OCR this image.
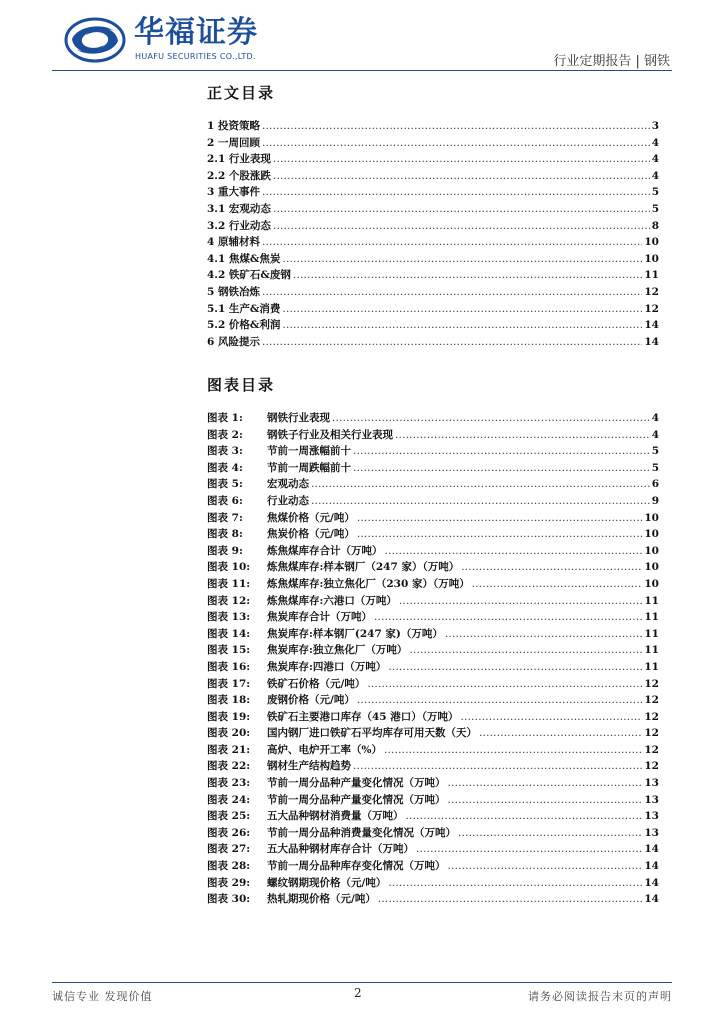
华福证券
HUAFU SECURITIES CO.,LTD.	行业定期报告 | 钢铁
正文目录
1 投资策略 .....	3
2 一周回顾 .....	4
2.1 行业表现 .....	4
2.2 个股涨跌 .....	4
3 重大事件 .....	5
3.1 宏观动态 .....	5
3.2 行业动态 .....	8
4 原辅材料 .....	10
4.1 焦煤&焦炭 .....	10
4.2 铁矿石&废钢 .....	11
5 钢铁冶炼 .....	12
5.1 生产&消费 .....	12
5.2 价格&利润 .....	14
6 风险提示 .....	14
图表目录
图表 1:	钢铁行业表现 .....	4
图表 2:	钢铁子行业及相关行业表现 .....	4
图表 3:	节前一周涨幅前十 .....	5
图表 4:	节前一周跌幅前十 .....	5
图表 5:	宏观动态 .....	6
图表 6:	行业动态 .....	9
图表 7:	焦煤价格（元/吨） .....	10
图表 8:	焦炭价格（元/吨） .....	10
图表 9:	炼焦煤库存合计（万吨） .....	10
图表 10:	炼焦煤库存:样本钢厂（247 家）（万吨） .....	10
图表 11:	炼焦煤库存:独立焦化厂（230 家）（万吨） .....	10
图表 12:	炼焦煤库存:六港口（万吨） .....	11
图表 13:	焦炭库存合计（万吨） .....	11
图表 14:	焦炭库存:样本钢厂(247 家)（万吨） .....	11
图表 15:	焦炭库存:独立焦化厂（万吨） .....	11
图表 16:	焦炭库存:四港口（万吨） .....	11
图表 17:	铁矿石价格（元/吨） .....	12
图表 18:	废钢价格（元/吨） .....	12
图表 19:	铁矿石主要港口库存（45 港口）（万吨） .....	12
图表 20:	国内钢厂进口铁矿石平均库存可用天数（天） .....	12
图表 21:	高炉、电炉开工率（%） .....	12
图表 22:	钢材生产结构趋势 .....	12
图表 23:	节前一周分品种产量变化情况（万吨） .....	13
图表 24:	节前一周分品种产量变化情况（万吨） .....	13
图表 25:	五大品种钢材消费量（万吨） .....	13
图表 26:	节前一周分品种消费量变化情况（万吨） .....	13
图表 27:	五大品种钢材库存合计（万吨） .....	14
图表 28:	节前一周分品种库存变化情况（万吨） .....	14
图表 29:	螺纹钢期现价格（元/吨） .....	14
图表 30:	热轧期现价格（元/吨） .....	14
诚信专业 发现价值	2	请务必阅读报告末页的声明
